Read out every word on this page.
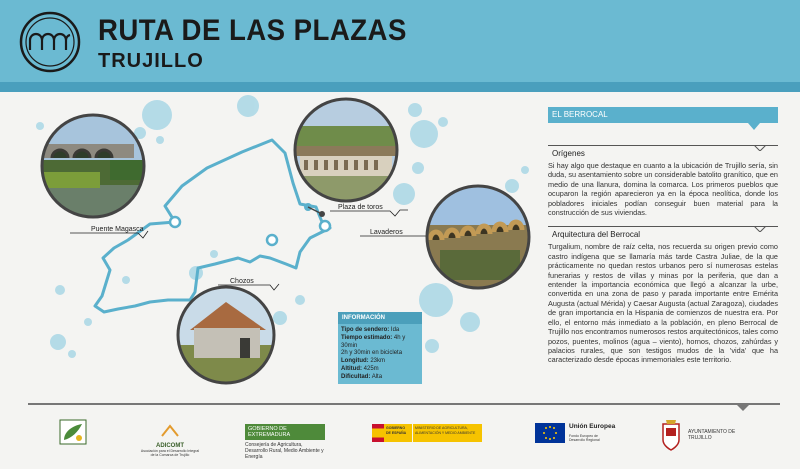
RUTA DE LAS PLAZAS
TRUJILLO
Puente Magasca
Plaza de toros
Lavaderos
Chozos
INFORMACIÓN
Tipo de sendero: Ida
Tiempo estimado: 4h y 30min
2h y 30min en bicicleta
Longitud: 23km
Altitud: 425m
Dificultad: Alta
EL BERROCAL
Orígenes
Si hay algo que destaque en cuanto a la ubicación de Trujillo sería, sin duda, su asentamiento sobre un considerable batolito granítico, que en medio de una llanura, domina la comarca. Los primeros pueblos que ocuparon la región aparecieron ya en la época neolítica, donde los pobladores iniciales podían conseguir buen material para la construcción de sus viviendas.
Arquitectura del Berrocal
Turgalium, nombre de raíz celta, nos recuerda su origen previo como castro indígena que se llamaría más tarde Castra Juliae, de la que prácticamente no quedan restos urbanos pero sí numerosas estelas funerarias y restos de villas y minas por la periferia, que dan a entender la importancia económica que llegó a alcanzar la urbe, convertida en una zona de paso y parada importante entre Emérita Augusta (actual Mérida) y Caesar Augusta (actual Zaragoza), ciudades de gran importancia en la Hispania de comienzos de nuestra era. Por ello, el entorno más inmediato a la población, en pleno Berrocal de Trujillo nos encontramos numerosos restos arquitectónicos, tales como pozos, puentes, molinos (agua – viento), hornos, chozos, zahúrdas y palacios rurales, que son testigos mudos de la 'vida' que ha caracterizado desde épocas inmemoriales este territorio.
ADICOMT
Asociación para el Desarrollo Integral de la Comarca de Trujillo
GOBIERNO DE EXTREMADURA
Consejería de Agricultura,
Desarrollo Rural, Medio Ambiente y Energía
GOBIERNO DE ESPAÑA
MINISTERIO DE AGRICULTURA, ALIMENTACIÓN Y MEDIO AMBIENTE
Unión Europea
Fondo Europeo de Desarrollo Regional
AYUNTAMIENTO DE
TRUJILLO
